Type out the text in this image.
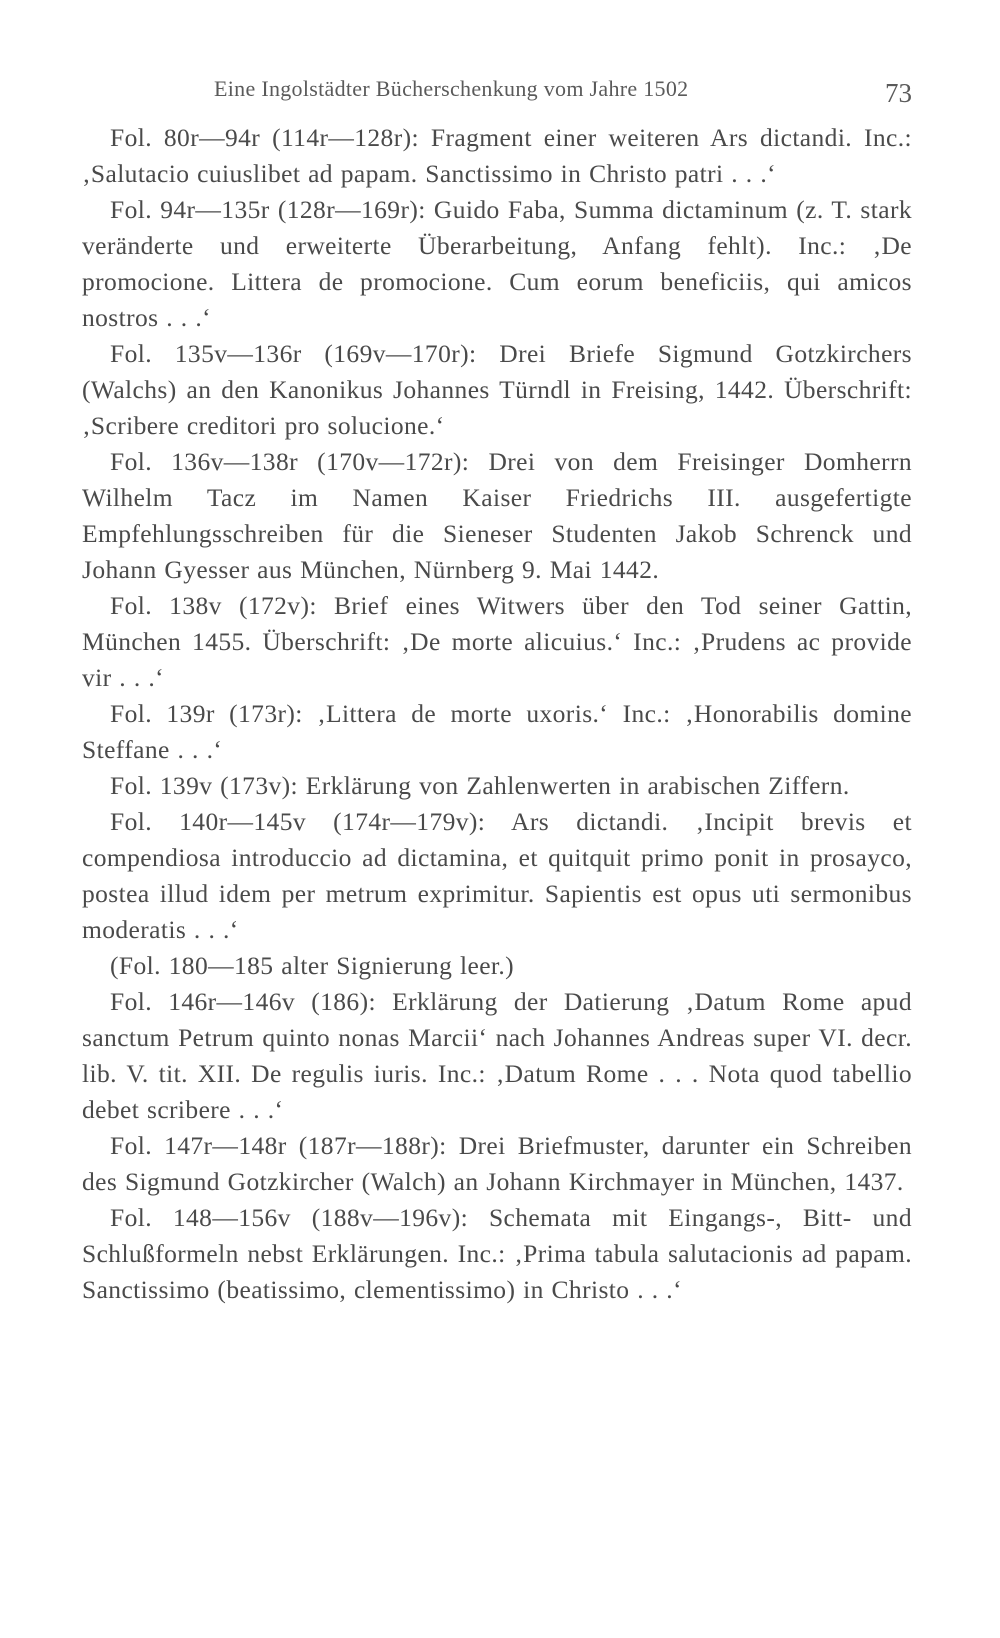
Eine Ingolstädter Bücherschenkung vom Jahre 1502	73

Fol. 80r—94r (114r—128r): Fragment einer weiteren Ars dictandi. Inc.: ‚Salutacio cuiuslibet ad papam. Sanctissimo in Christo patri . . .‘

Fol. 94r—135r (128r—169r): Guido Faba, Summa dictaminum (z. T. stark veränderte und erweiterte Überarbeitung, Anfang fehlt). Inc.: ‚De promocione. Littera de promocione. Cum eorum beneficiis, qui amicos nostros . . .‘

Fol. 135v—136r (169v—170r): Drei Briefe Sigmund Gotzkirchers (Walchs) an den Kanonikus Johannes Türndl in Freising, 1442. Überschrift: ‚Scribere creditori pro solucione.‘

Fol. 136v—138r (170v—172r): Drei von dem Freisinger Domherrn Wilhelm Tacz im Namen Kaiser Friedrichs III. ausgefertigte Empfehlungsschreiben für die Sieneser Studenten Jakob Schrenck und Johann Gyesser aus München, Nürnberg 9. Mai 1442.

Fol. 138v (172v): Brief eines Witwers über den Tod seiner Gattin, München 1455. Überschrift: ‚De morte alicuius.‘ Inc.: ‚Prudens ac provide vir . . .‘

Fol. 139r (173r): ‚Littera de morte uxoris.‘ Inc.: ‚Honorabilis domine Steffane . . .‘

Fol. 139v (173v): Erklärung von Zahlenwerten in arabischen Ziffern.

Fol. 140r—145v (174r—179v): Ars dictandi. ‚Incipit brevis et compendiosa introduccio ad dictamina, et quitquit primo ponit in prosayco, postea illud idem per metrum exprimitur. Sapientis est opus uti sermonibus moderatis . . .‘

(Fol. 180—185 alter Signierung leer.)

Fol. 146r—146v (186): Erklärung der Datierung ‚Datum Rome apud sanctum Petrum quinto nonas Marcii‘ nach Johannes Andreas super VI. decr. lib. V. tit. XII. De regulis iuris. Inc.: ‚Datum Rome . . . Nota quod tabellio debet scribere . . .‘

Fol. 147r—148r (187r—188r): Drei Briefmuster, darunter ein Schreiben des Sigmund Gotzkircher (Walch) an Johann Kirchmayer in München, 1437.

Fol. 148—156v (188v—196v): Schemata mit Eingangs-, Bitt- und Schlußformeln nebst Erklärungen. Inc.: ‚Prima tabula salutacionis ad papam. Sanctissimo (beatissimo, clementissimo) in Christo . . .‘
